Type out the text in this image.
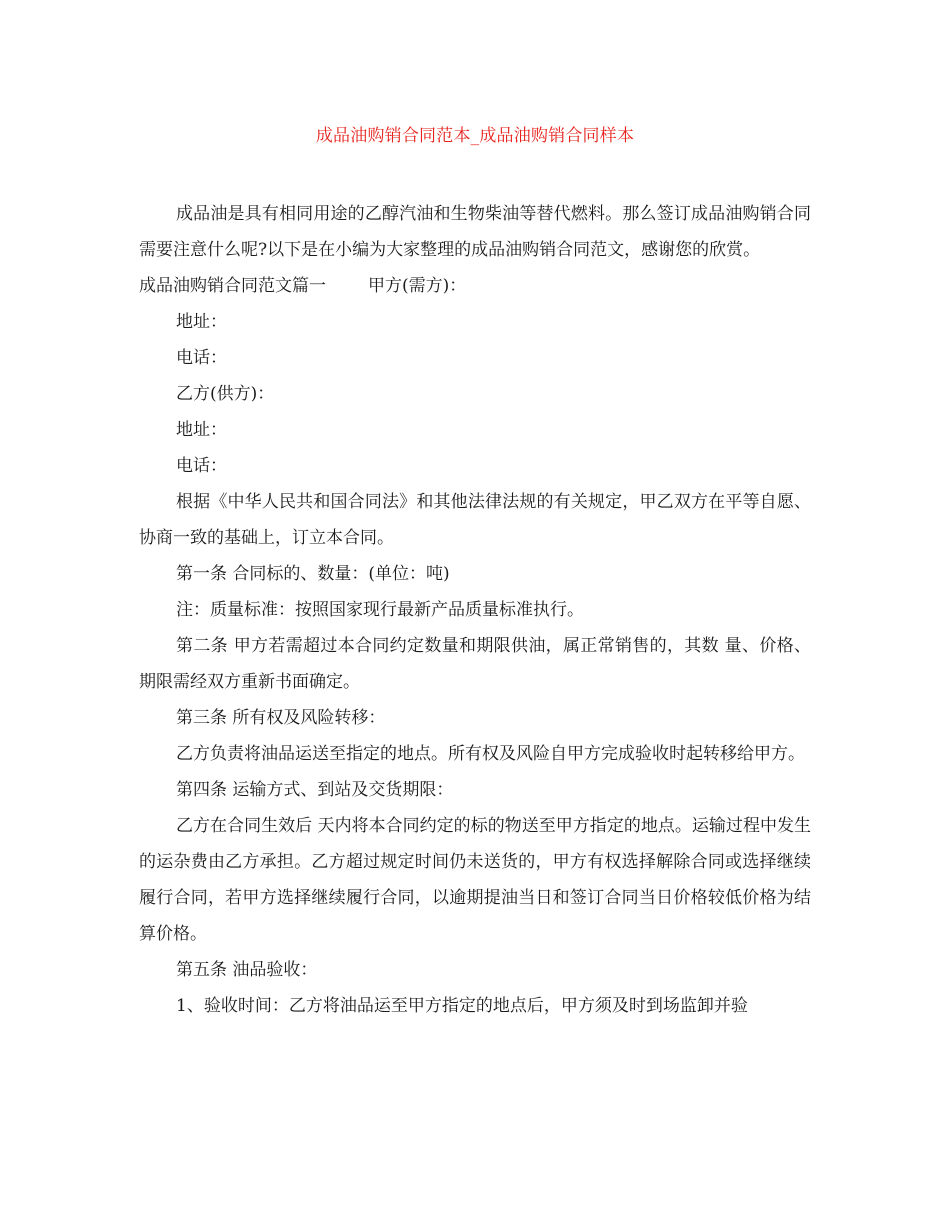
成品油购销合同范本_成品油购销合同样本

成品油是具有相同用途的乙醇汽油和生物柴油等替代燃料。那么签订成品油购销合同需要注意什么呢?以下是在小编为大家整理的成品油购销合同范文，感谢您的欣赏。

成品油购销合同范文篇一 甲方(需方)：

地址：

电话：

乙方(供方)：

地址：

电话：

根据《中华人民共和国合同法》和其他法律法规的有关规定，甲乙双方在平等自愿、协商一致的基础上，订立本合同。

第一条 合同标的、数量：(单位：吨)

注：质量标准：按照国家现行最新产品质量标准执行。

第二条 甲方若需超过本合同约定数量和期限供油，属正常销售的，其数 量、价格、期限需经双方重新书面确定。

第三条 所有权及风险转移：

乙方负责将油品运送至指定的地点。所有权及风险自甲方完成验收时起转移给甲方。

第四条 运输方式、到站及交货期限：

乙方在合同生效后 天内将本合同约定的标的物送至甲方指定的地点。运输过程中发生的运杂费由乙方承担。乙方超过规定时间仍未送货的，甲方有权选择解除合同或选择继续履行合同，若甲方选择继续履行合同，以逾期提油当日和签订合同当日价格较低价格为结算价格。

第五条 油品验收：

1、验收时间：乙方将油品运至甲方指定的地点后，甲方须及时到场监卸并验
